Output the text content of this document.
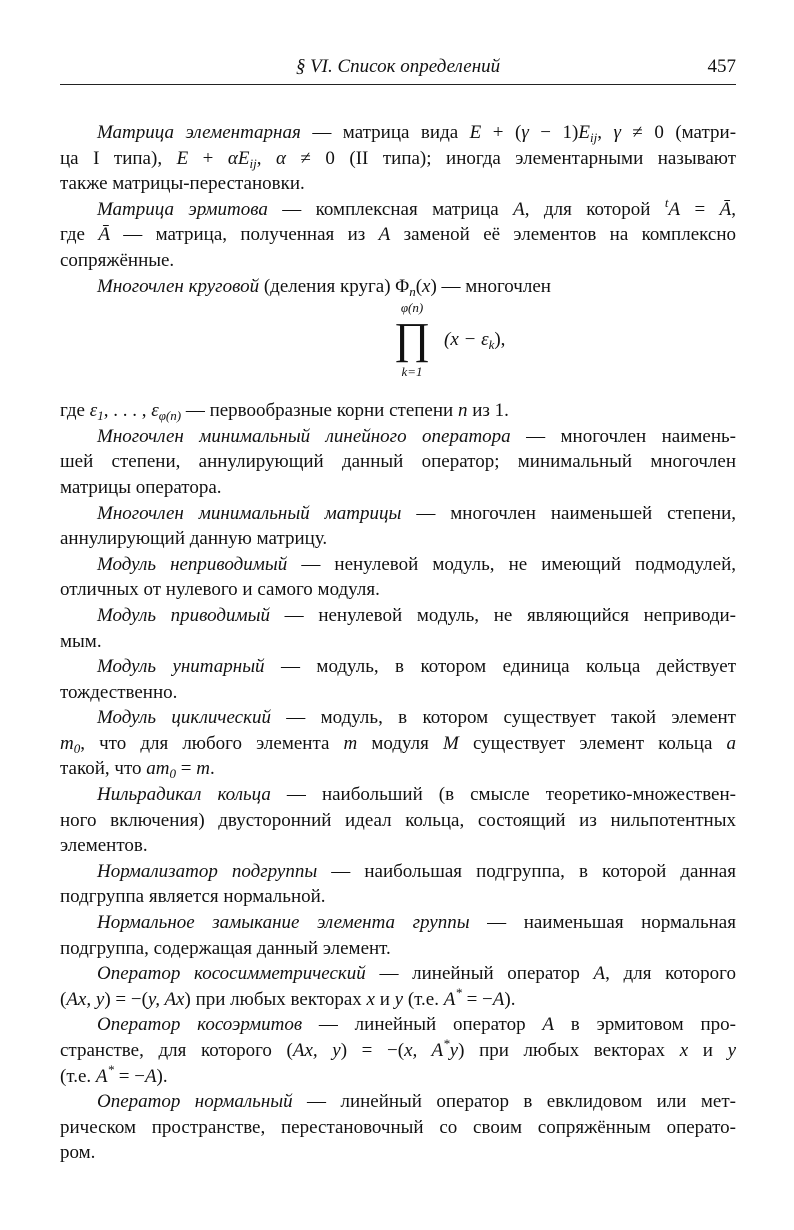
§ VI. Список определений	457
Матрица элементарная — матрица вида $E + (\gamma - 1)E_{ij}$, γ ≠ 0 (матри-
ца I типа), $E + \alpha E_{ij}$, α ≠ 0 (II типа); иногда элементарными называют
также матрицы-перестановки.
Матрица эрмитова — комплексная матрица A, для которой $^t$A = Ā,
где Ā — матрица, полученная из A заменой её элементов на комплексно
сопряжённые.
Многочлен круговой (деления круга) $\Phi_n(x)$ — многочлен
φ(n)
∏
k=1
$(x - \varepsilon_k)$,
где $\varepsilon_1$, . . . , $\varepsilon_{\varphi(n)}$ — первообразные корни степени n из 1.
Многочлен минимальный линейного оператора — многочлен наимень-
шей степени, аннулирующий данный оператор; минимальный многочлен
матрицы оператора.
Многочлен минимальный матрицы — многочлен наименьшей степени,
аннулирующий данную матрицу.
Модуль неприводимый — ненулевой модуль, не имеющий подмодулей,
отличных от нулевого и самого модуля.
Модуль приводимый — ненулевой модуль, не являющийся неприводи-
мым.
Модуль унитарный — модуль, в котором единица кольца действует
тождественно.
Модуль циклический — модуль, в котором существует такой элемент
$m_0$, что для любого элемента m модуля M существует элемент кольца a
такой, что $am_0 = m$.
Нильрадикал кольца — наибольший (в смысле теоретико-множествен-
ного включения) двусторонний идеал кольца, состоящий из нильпотентных
элементов.
Нормализатор подгруппы — наибольшая подгруппа, в которой данная
подгруппа является нормальной.
Нормальное замыкание элемента группы — наименьшая нормальная
подгруппа, содержащая данный элемент.
Оператор кососимметрический — линейный оператор A, для которого
(Ax, y) = −(y, Ax) при любых векторах x и y (т.е. A* = −A).
Оператор косоэрмитов — линейный оператор A в эрмитовом про-
странстве, для которого (Ax, y) = −(x, A*y) при любых векторах x и y
(т.е. A* = −A).
Оператор нормальный — линейный оператор в евклидовом или мет-
рическом пространстве, перестановочный со своим сопряжённым операто-
ром.
